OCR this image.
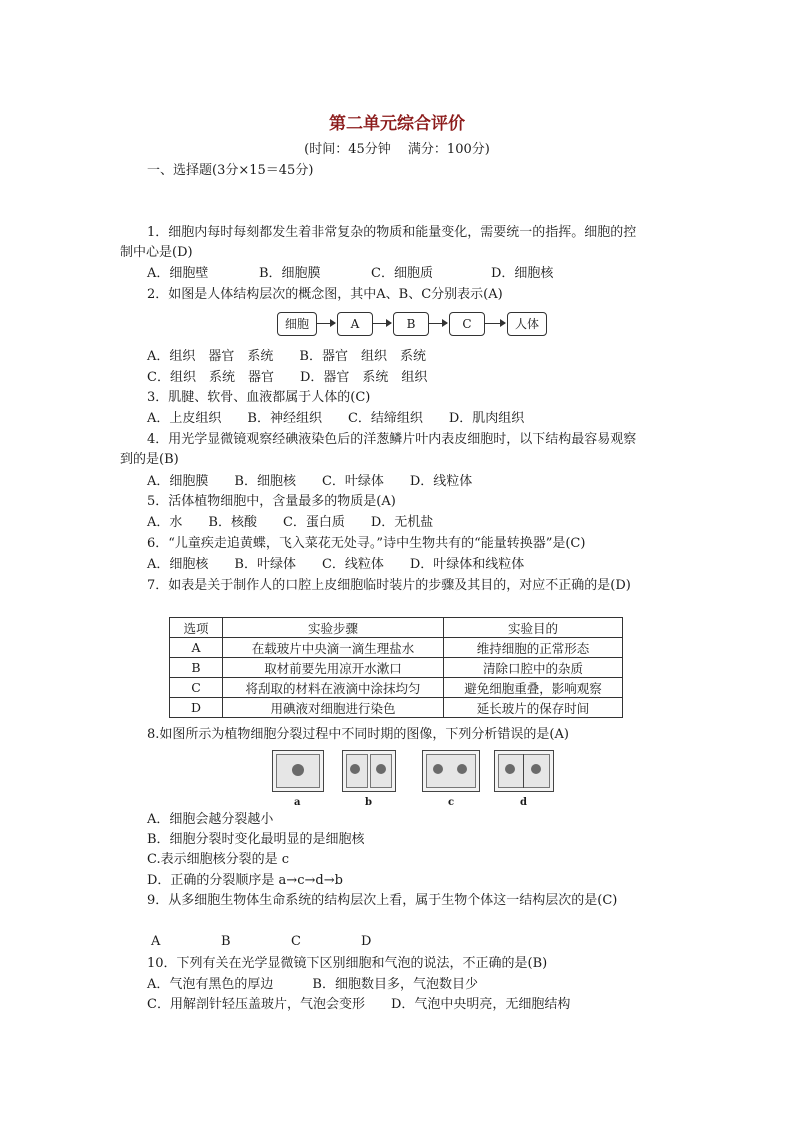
第二单元综合评价
(时间：45分钟　 满分：100分)
一、选择题(3分×15＝45分)
1．细胞内每时每刻都发生着非常复杂的物质和能量变化，需要统一的指挥。细胞的控
制中心是(D)
A．细胞壁	B．细胞膜	C．细胞质	D．细胞核
2．如图是人体结构层次的概念图，其中A、B、C分别表示(A)
细胞	A	B	C	人体
A．组织　器官　系统　　B．器官　组织　系统
C．组织　系统　器官　　D．器官　系统　组织
3．肌腱、软骨、血液都属于人体的(C)
A．上皮组织　　B．神经组织　　C．结缔组织　　D．肌肉组织
4．用光学显微镜观察经碘液染色后的洋葱鳞片叶内表皮细胞时，以下结构最容易观察
到的是(B)
A．细胞膜　　B．细胞核　　C．叶绿体　　D．线粒体
5．活体植物细胞中，含量最多的物质是(A)
A．水　　B．核酸　　C．蛋白质　　D．无机盐
6．“儿童疾走追黄蝶，飞入菜花无处寻。”诗中生物共有的“能量转换器”是(C)
A．细胞核　　B．叶绿体　　C．线粒体　　D．叶绿体和线粒体
7．如表是关于制作人的口腔上皮细胞临时装片的步骤及其目的，对应不正确的是(D)
选项	实验步骤	实验目的
A	在载玻片中央滴一滴生理盐水	维持细胞的正常形态
B	取材前要先用凉开水漱口	清除口腔中的杂质
C	将刮取的材料在液滴中涂抹均匀	避免细胞重叠，影响观察
D	用碘液对细胞进行染色	延长玻片的保存时间
8.如图所示为植物细胞分裂过程中不同时期的图像，下列分析错误的是(A)
a	b	c	d
A．细胞会越分裂越小
B．细胞分裂时变化最明显的是细胞核
C.表示细胞核分裂的是 c
D．正确的分裂顺序是 a→c→d→b
9．从多细胞生物体生命系统的结构层次上看，属于生物个体这一结构层次的是(C)
A	B	C	D
10．下列有关在光学显微镜下区别细胞和气泡的说法，不正确的是(B)
A．气泡有黑色的厚边　　　B．细胞数目多，气泡数目少
C．用解剖针轻压盖玻片，气泡会变形　　D．气泡中央明亮，无细胞结构
